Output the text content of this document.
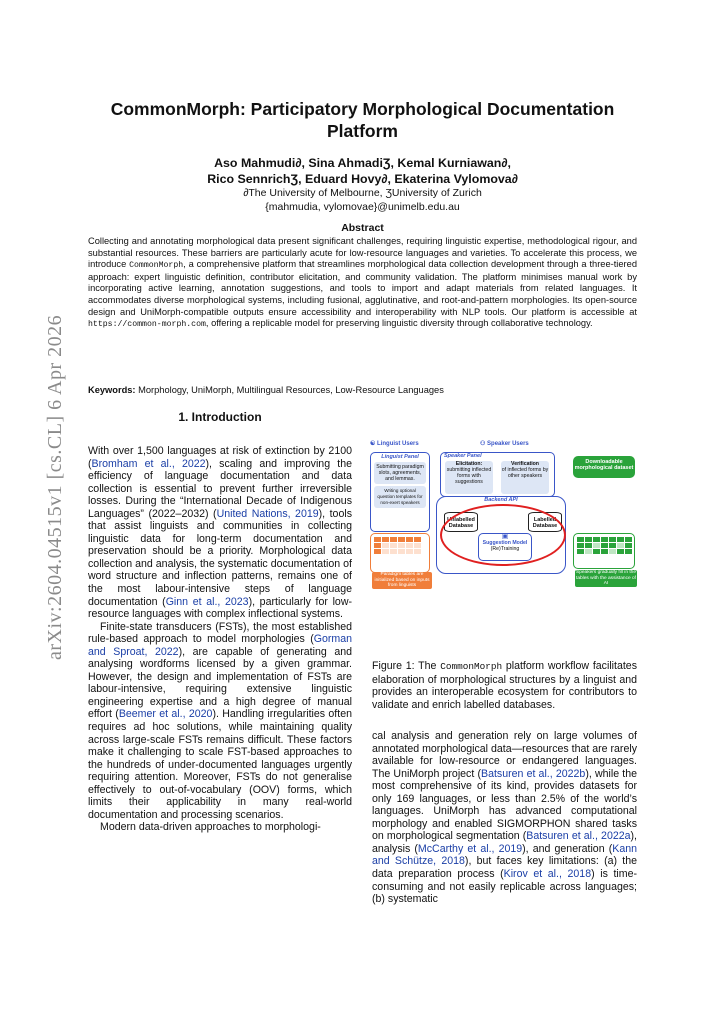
arXiv:2604.04515v1 [cs.CL] 6 Apr 2026
CommonMorph: Participatory Morphological Documentation Platform
Aso Mahmudi∂, Sina AhmadiƷ, Kemal Kurniawan∂,
Rico SennrichƷ, Eduard Hovy∂, Ekaterina Vylomova∂
∂The University of Melbourne, ƷUniversity of Zurich
{mahmudia, vylomovae}@unimelb.edu.au
Abstract
Collecting and annotating morphological data present significant challenges, requiring linguistic expertise, methodological rigour, and substantial resources. These barriers are particularly acute for low-resource languages and varieties. To accelerate this process, we introduce CommonMorph, a comprehensive platform that streamlines morphological data collection development through a three-tiered approach: expert linguistic definition, contributor elicitation, and community validation. The platform minimises manual work by incorporating active learning, annotation suggestions, and tools to import and adapt materials from related languages. It accommodates diverse morphological systems, including fusional, agglutinative, and root-and-pattern morphologies. Its open-source design and UniMorph-compatible outputs ensure accessibility and interoperability with NLP tools. Our platform is accessible at https://common-morph.com, offering a replicable model for preserving linguistic diversity through collaborative technology.
Keywords: Morphology, UniMorph, Multilingual Resources, Low-Resource Languages
1. Introduction

With over 1,500 languages at risk of extinction by 2100 (Bromham et al., 2022), scaling and improving the efficiency of language documentation and data collection is essential to prevent further irreversible losses. During the “International Decade of Indigenous Languages” (2022–2032) (United Nations, 2019), tools that assist linguists and communities in collecting linguistic data for long-term documentation and preservation should be a priority. Morphological data collection and analysis, the systematic documentation of word structure and inflection patterns, remains one of the most labour-intensive steps of language documentation (Ginn et al., 2023), particularly for low-resource languages with complex inflectional systems.

Finite-state transducers (FSTs), the most established rule-based approach to model morphologies (Gorman and Sproat, 2022), are capable of generating and analysing wordforms licensed by a given grammar. However, the design and implementation of FSTs are labour-intensive, requiring extensive linguistic engineering expertise and a high degree of manual effort (Beemer et al., 2020). Handling irregularities often requires ad hoc solutions, while maintaining quality across large-scale FSTs remains difficult. These factors make it challenging to scale FST-based approaches to the hundreds of under-documented languages urgently requiring attention. Moreover, FSTs do not generalise effectively to out-of-vocabulary (OOV) forms, which limits their applicability in many real-world documentation and processing scenarios.

Modern data-driven approaches to morphologi-

☯ Linguist Users	⚇ Speaker Users
Linguist Panel
Submitting paradigm slots, agreements, and lemmas.
Writing optional question templates for non-exert speakers
Speaker Panel
Elicitation:
submitting inflected forms with suggestions
Verification
of inflected forms by other speakers
Downloadable morphological dataset
Backend API
Unlabelled Database
Labelled Database
▣
Suggestion Model
(Re)Training
Paradigm tables are initialized based on inputs from linguists
Speakers gradually fill in the tables with the assistance of AI
Figure 1: The CommonMorph platform workflow facilitates elaboration of morphological structures by a linguist and provides an interoperable ecosystem for contributors to validate and enrich labelled databases.

cal analysis and generation rely on large volumes of annotated morphological data—resources that are rarely available for low-resource or endangered languages. The UniMorph project (Batsuren et al., 2022b), while the most comprehensive of its kind, provides datasets for only 169 languages, or less than 2.5% of the world’s languages. UniMorph has advanced computational morphology and enabled SIGMORPHON shared tasks on morphological segmentation (Batsuren et al., 2022a), analysis (McCarthy et al., 2019), and generation (Kann and Schütze, 2018), but faces key limitations: (a) the data preparation process (Kirov et al., 2018) is time-consuming and not easily replicable across languages; (b) systematic
